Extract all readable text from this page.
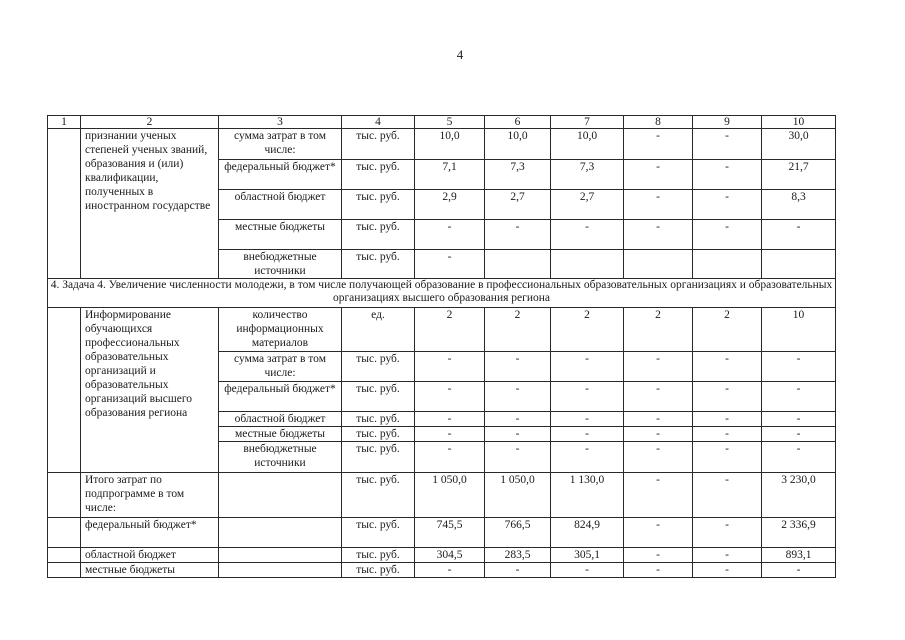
4
1	2	3	4	5	6	7	8	9	10
	признании ученых степеней ученых званий, образования и (или) квалификации, полученных в иностранном государстве	сумма затрат в том числе:	тыс. руб.	10,0	10,0	10,0	-	-	30,0
		федеральный бюджет*	тыс. руб.	7,1	7,3	7,3	-	-	21,7
		областной бюджет	тыс. руб.	2,9	2,7	2,7	-	-	8,3
		местные бюджеты	тыс. руб.	-	-	-	-	-	-
		внебюджетные источники	тыс. руб.	-					
4. Задача 4. Увеличение численности молодежи, в том числе получающей образование в профессиональных образовательных организациях и образовательных организациях высшего образования региона									
	Информирование обучающихся профессиональных образовательных организаций и образовательных организаций высшего образования региона	количество информационных материалов	ед.	2	2	2	2	2	10
		сумма затрат в том числе:	тыс. руб.	-	-	-	-	-	-
		федеральный бюджет*	тыс. руб.	-	-	-	-	-	-
		областной бюджет	тыс. руб.	-	-	-	-	-	-
		местные бюджеты	тыс. руб.	-	-	-	-	-	-
		внебюджетные источники	тыс. руб.	-	-	-	-	-	-
	Итого затрат по подпрограмме в том числе:		тыс. руб.	1 050,0	1 050,0	1 130,0	-	-	3 230,0
	федеральный бюджет*		тыс. руб.	745,5	766,5	824,9	-	-	2 336,9
	областной бюджет		тыс. руб.	304,5	283,5	305,1	-	-	893,1
	местные бюджеты		тыс. руб.	-	-	-	-	-	-
